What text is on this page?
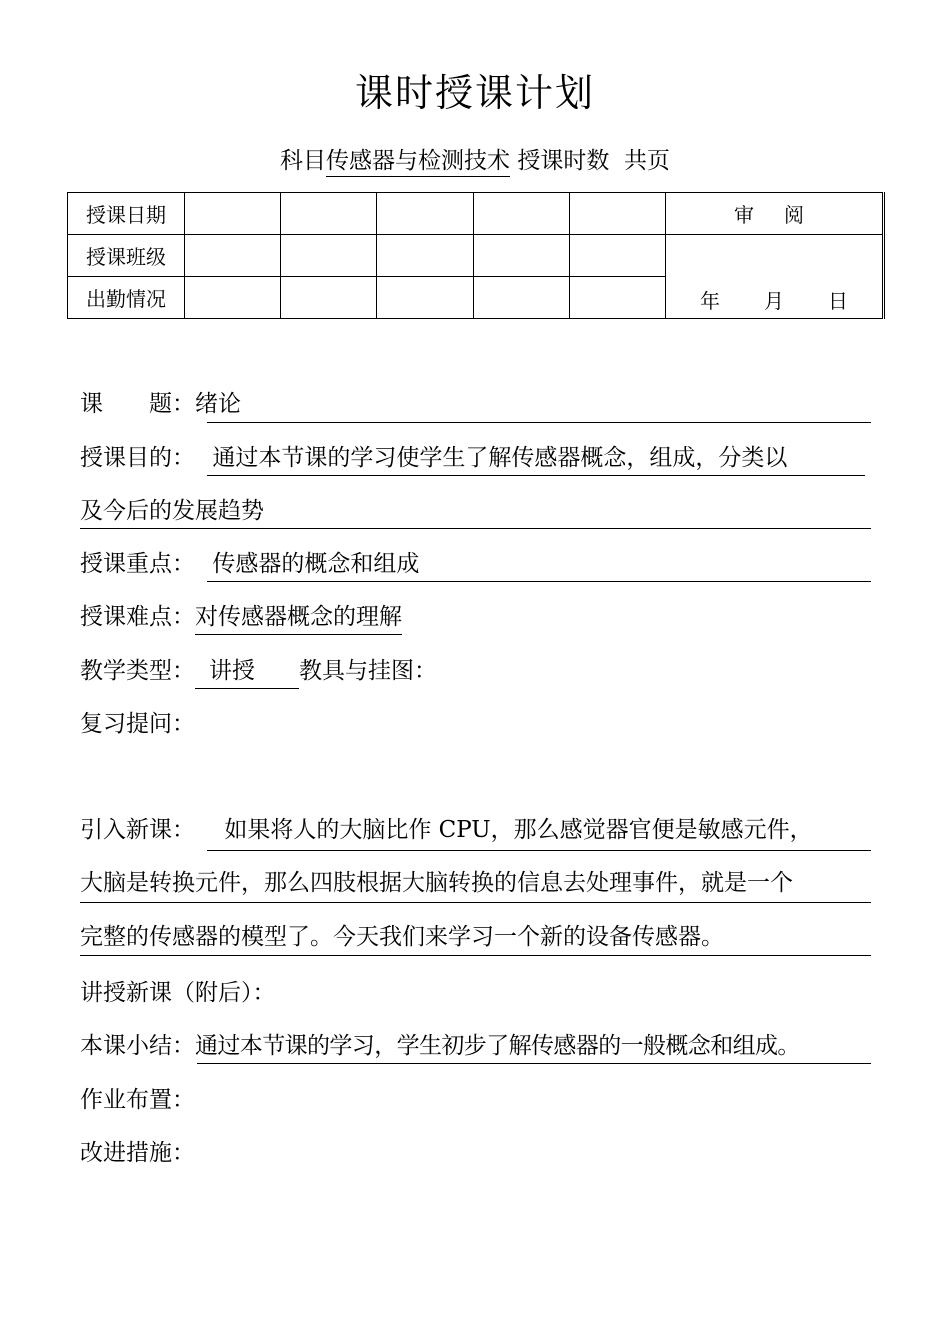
课时授课计划
科目传感器与检测技术 授课时数 共页
授课日期						审阅
授课班级						年 月 日
出勤情况						
课　　题：绪论
授课目的： 通过本节课的学习使学生了解传感器概念，组成，分类以
及今后的发展趋势
授课重点： 传感器的概念和组成
授课难点：对传感器概念的理解
教学类型： 讲授 教具与挂图：
复习提问：
引入新课： 如果将人的大脑比作 CPU，那么感觉器官便是敏感元件，
大脑是转换元件，那么四肢根据大脑转换的信息去处理事件，就是一个
完整的传感器的模型了。今天我们来学习一个新的设备传感器。
讲授新课（附后）：
本课小结：通过本节课的学习，学生初步了解传感器的一般概念和组成。
作业布置：
改进措施：
